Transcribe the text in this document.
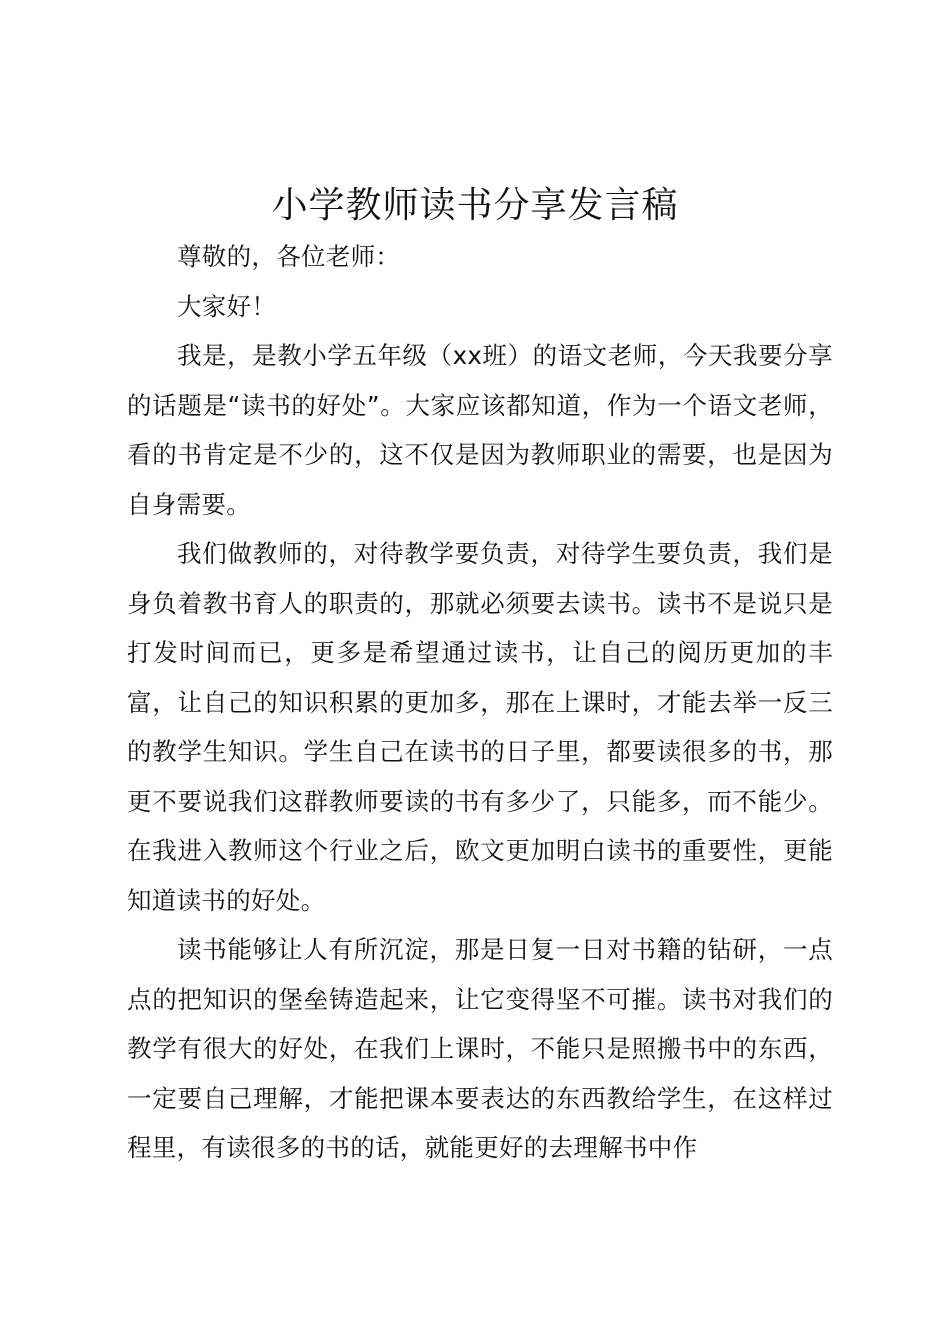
小学教师读书分享发言稿

尊敬的，各位老师：

大家好！

我是，是教小学五年级（xx班）的语文老师，今天我要分享的话题是“读书的好处”。大家应该都知道，作为一个语文老师，看的书肯定是不少的，这不仅是因为教师职业的需要，也是因为自身需要。

我们做教师的，对待教学要负责，对待学生要负责，我们是身负着教书育人的职责的，那就必须要去读书。读书不是说只是打发时间而已，更多是希望通过读书，让自己的阅历更加的丰富，让自己的知识积累的更加多，那在上课时，才能去举一反三的教学生知识。学生自己在读书的日子里，都要读很多的书，那更不要说我们这群教师要读的书有多少了，只能多，而不能少。在我进入教师这个行业之后，欧文更加明白读书的重要性，更能知道读书的好处。

读书能够让人有所沉淀，那是日复一日对书籍的钻研，一点点的把知识的堡垒铸造起来，让它变得坚不可摧。读书对我们的教学有很大的好处，在我们上课时，不能只是照搬书中的东西，一定要自己理解，才能把课本要表达的东西教给学生，在这样过程里，有读很多的书的话，就能更好的去理解书中作
